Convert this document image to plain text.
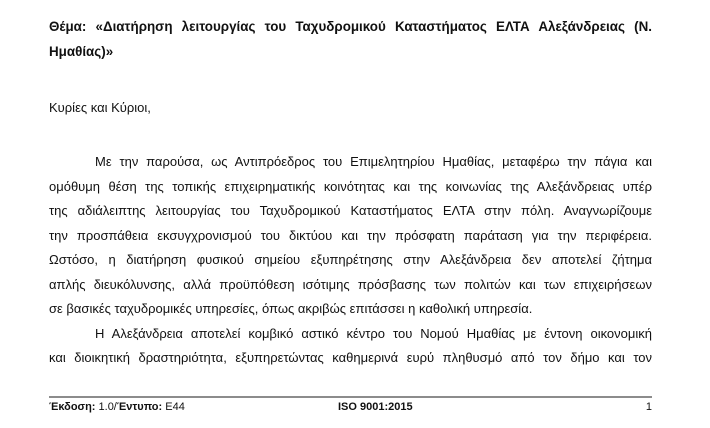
Θέμα: «Διατήρηση λειτουργίας του Ταχυδρομικού Καταστήματος ΕΛΤΑ Αλεξάνδρειας (Ν.
Ημαθίας)»
Κυρίες και Κύριοι,
Με την παρούσα, ως Αντιπρόεδρος του Επιμελητηρίου Ημαθίας, μεταφέρω την πάγια και
ομόθυμη θέση της τοπικής επιχειρηματικής κοινότητας και της κοινωνίας της Αλεξάνδρειας υπέρ
της αδιάλειπτης λειτουργίας του Ταχυδρομικού Καταστήματος ΕΛΤΑ στην πόλη. Αναγνωρίζουμε
την προσπάθεια εκσυγχρονισμού του δικτύου και την πρόσφατη παράταση για την περιφέρεια.
Ωστόσο, η διατήρηση φυσικού σημείου εξυπηρέτησης στην Αλεξάνδρεια δεν αποτελεί ζήτημα
απλής διευκόλυνσης, αλλά προϋπόθεση ισότιμης πρόσβασης των πολιτών και των επιχειρήσεων
σε βασικές ταχυδρομικές υπηρεσίες, όπως ακριβώς επιτάσσει η καθολική υπηρεσία.
Η Αλεξάνδρεια αποτελεί κομβικό αστικό κέντρο του Νομού Ημαθίας με έντονη οικονομική
και διοικητική δραστηριότητα, εξυπηρετώντας καθημερινά ευρύ πληθυσμό από τον δήμο και τον
Έκδοση: 1.0/Έντυπο: Ε44	ISO 9001:2015	1
